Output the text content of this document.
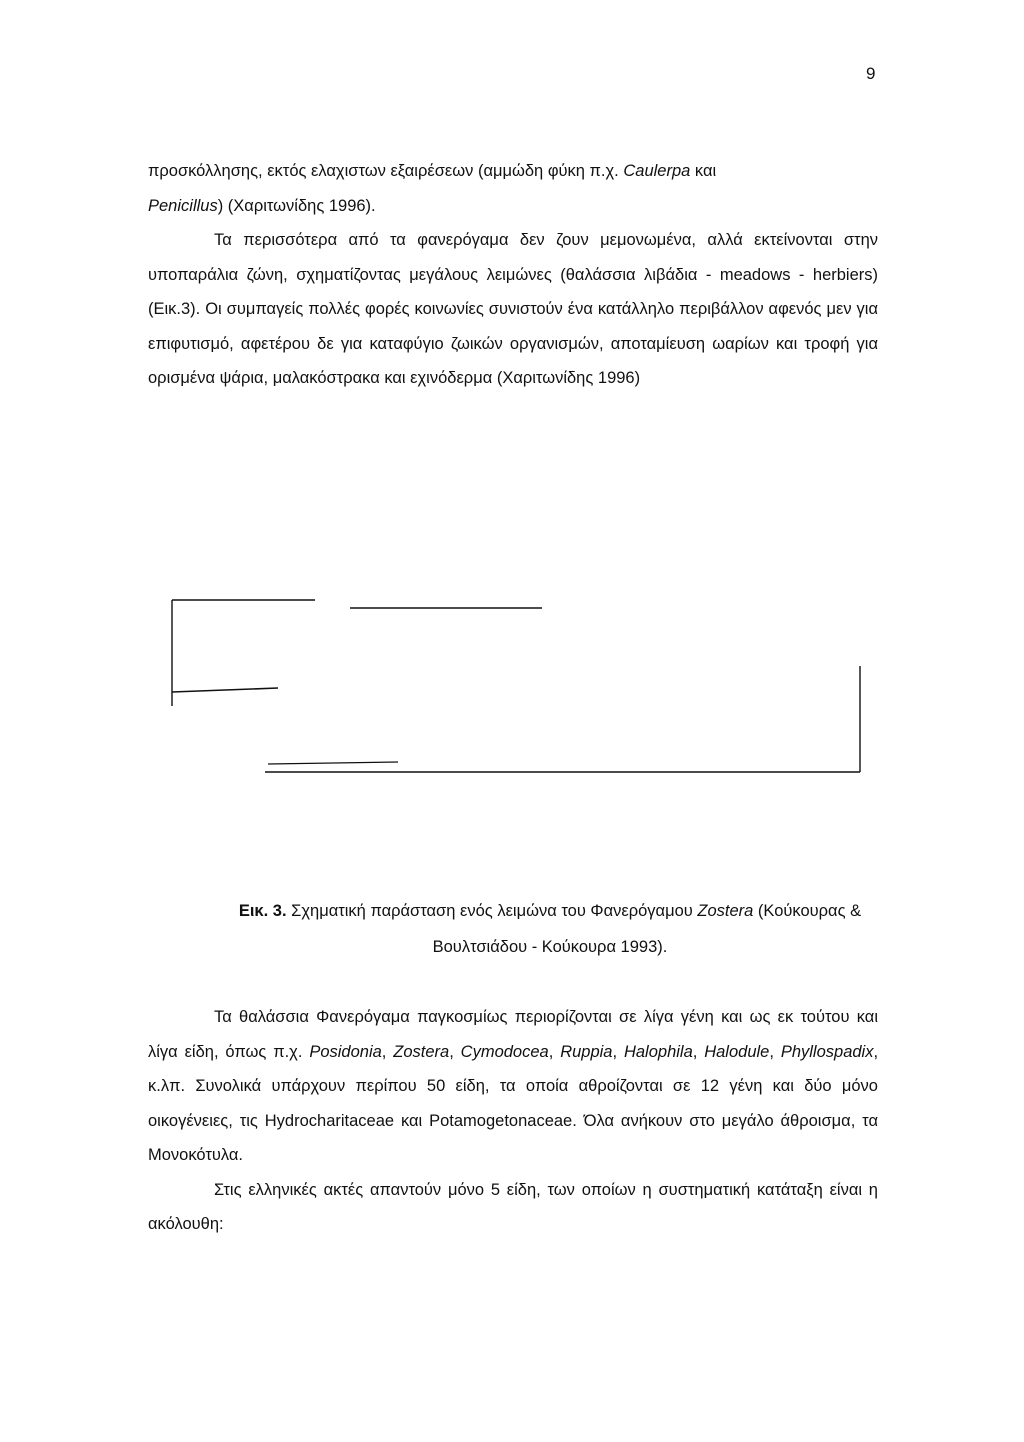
9

προσκόλλησης, εκτός ελαχιστων εξαιρέσεων (αμμώδη φύκη π.χ. Caulerpa και
Penicillus) (Χαριτωνίδης 1996).

Τα περισσότερα από τα φανερόγαμα δεν ζουν μεμονωμένα, αλλά εκτείνονται στην υποπαράλια ζώνη, σχηματίζοντας μεγάλους λειμώνες (θαλάσσια λιβάδια - meadows - herbiers) (Εικ.3). Οι συμπαγείς πολλές φορές κοινωνίες συνιστούν ένα κατάλληλο περιβάλλον αφενός μεν για επιφυτισμό, αφετέρου δε για καταφύγιο ζωικών οργανισμών, αποταμίευση ωαρίων και τροφή για ορισμένα ψάρια, μαλακόστρακα και εχινόδερμα (Χαριτωνίδης 1996)

Εικ. 3. Σχηματική παράσταση ενός λειμώνα του Φανερόγαμου Zostera (Κούκουρας & Βουλτσιάδου - Κούκουρα 1993).

Τα θαλάσσια Φανερόγαμα παγκοσμίως περιορίζονται σε λίγα γένη και ως εκ τούτου και λίγα είδη, όπως π.χ. Posidonia, Zostera, Cymodocea, Ruppia, Halophila, Halodule, Phyllospadix, κ.λπ. Συνολικά υπάρχουν περίπου 50 είδη, τα οποία αθροίζονται σε 12 γένη και δύο μόνο οικογένειες, τις Hydrocharitaceae και Potamogetonaceae. Όλα ανήκουν στο μεγάλο άθροισμα, τα Μονοκότυλα.

Στις ελληνικές ακτές απαντούν μόνο 5 είδη, των οποίων η συστηματική κατάταξη είναι η ακόλουθη:
